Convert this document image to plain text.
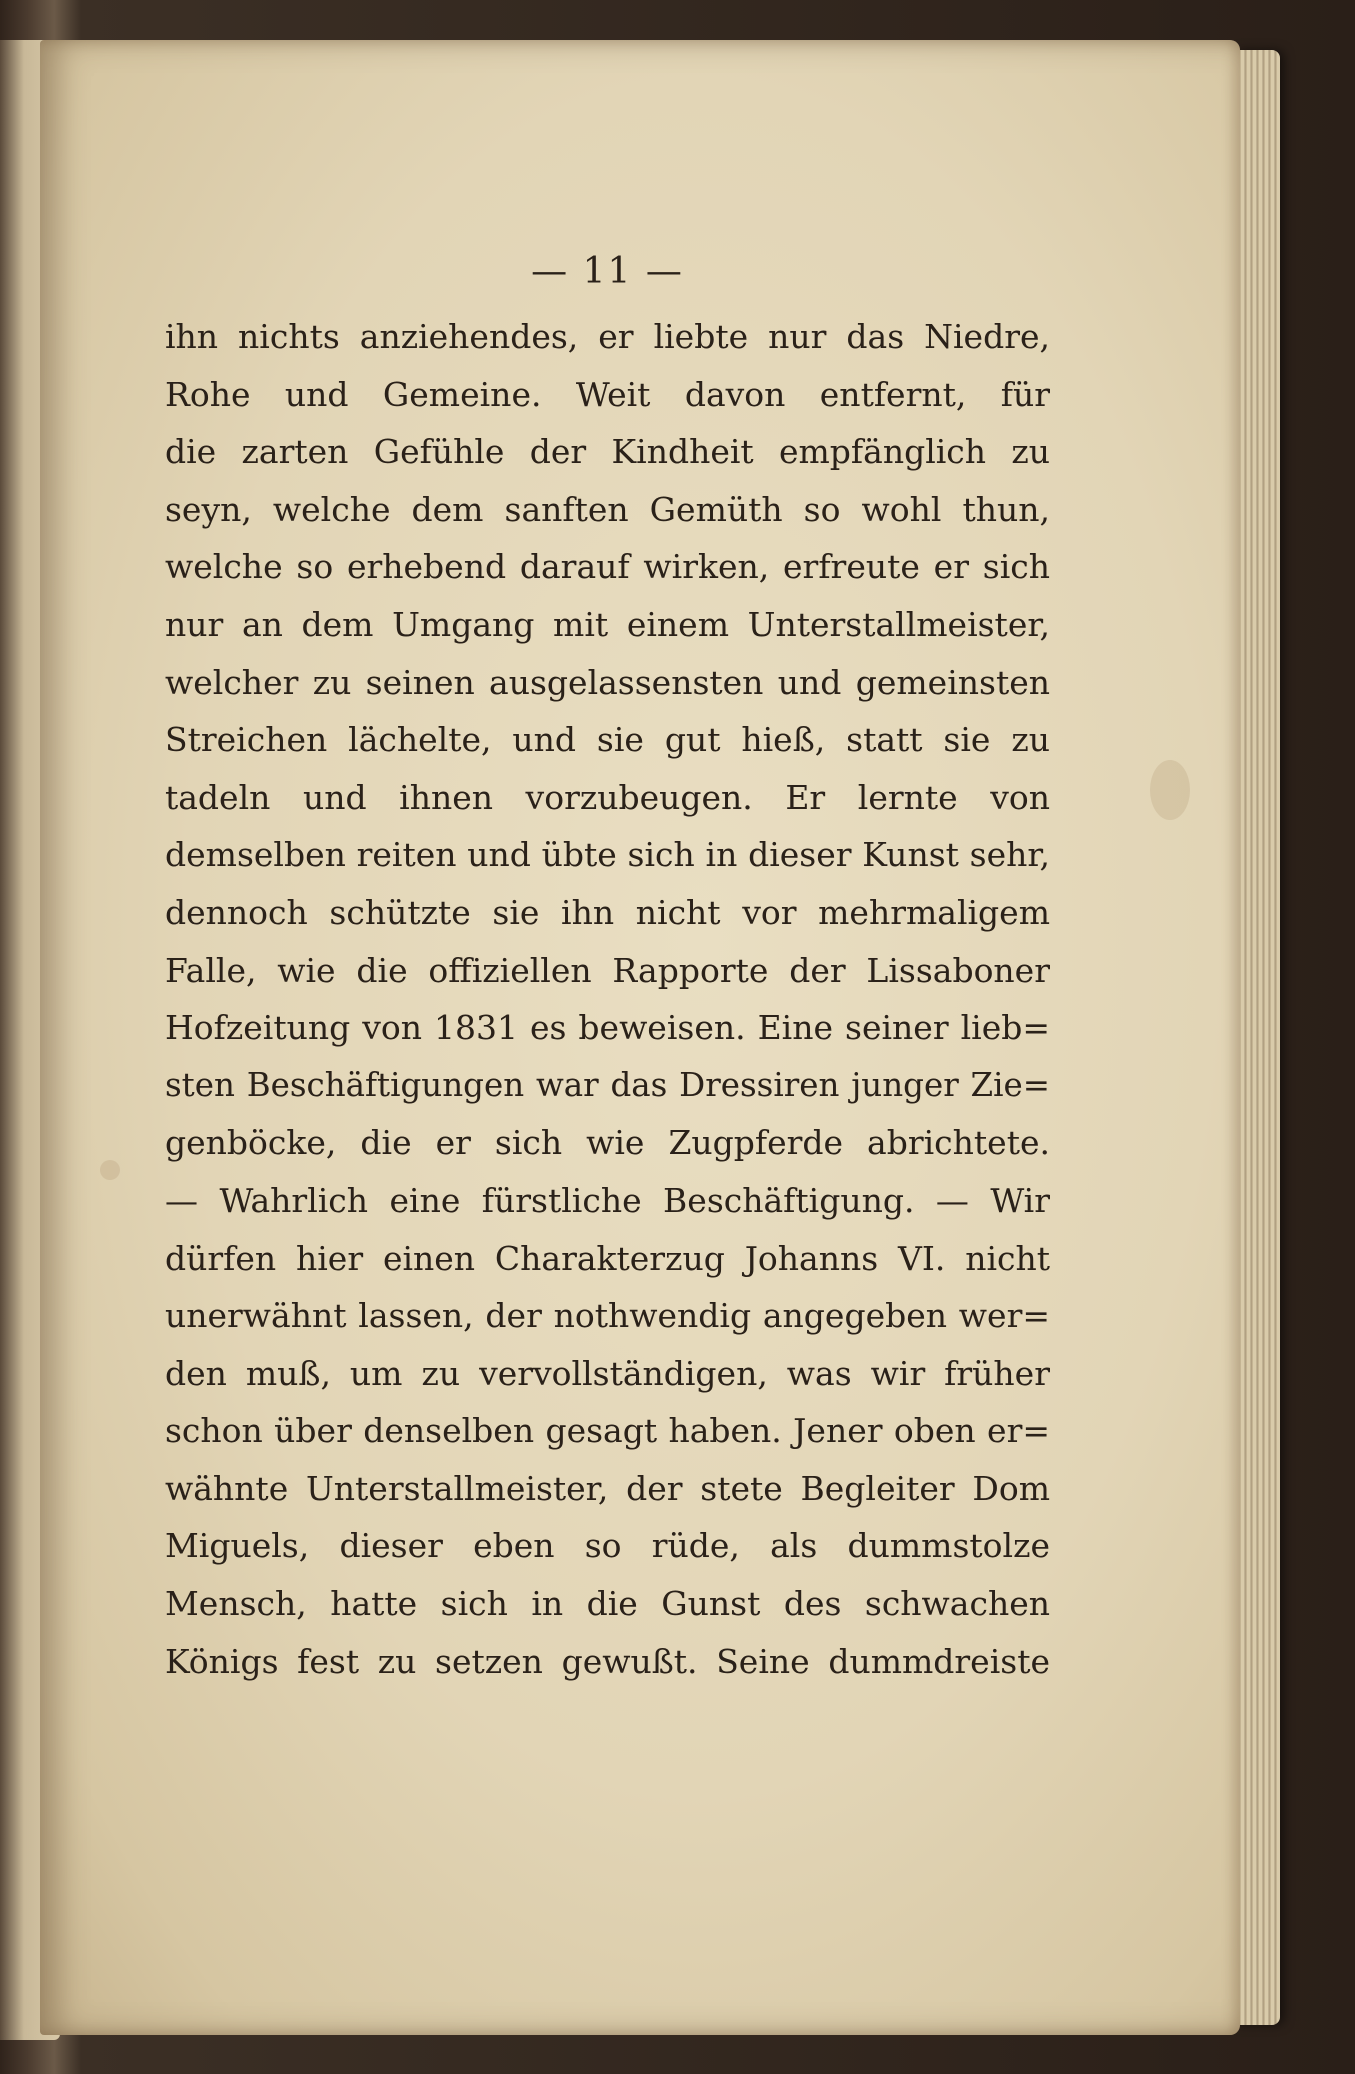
— 11 —
ihn nichts anziehendes, er liebte nur das Niedre,
Rohe und Gemeine. Weit davon entfernt, für
die zarten Gefühle der Kindheit empfänglich zu
seyn, welche dem sanften Gemüth so wohl thun,
welche so erhebend darauf wirken, erfreute er sich
nur an dem Umgang mit einem Unterstallmeister,
welcher zu seinen ausgelassensten und gemeinsten
Streichen lächelte, und sie gut hieß, statt sie zu
tadeln und ihnen vorzubeugen. Er lernte von
demselben reiten und übte sich in dieser Kunst sehr,
dennoch schützte sie ihn nicht vor mehrmaligem
Falle, wie die offiziellen Rapporte der Lissaboner
Hofzeitung von 1831 es beweisen. Eine seiner lieb=
sten Beschäftigungen war das Dressiren junger Zie=
genböcke, die er sich wie Zugpferde abrichtete.
— Wahrlich eine fürstliche Beschäftigung. — Wir
dürfen hier einen Charakterzug Johanns VI. nicht
unerwähnt lassen, der nothwendig angegeben wer=
den muß, um zu vervollständigen, was wir früher
schon über denselben gesagt haben. Jener oben er=
wähnte Unterstallmeister, der stete Begleiter Dom
Miguels, dieser eben so rüde, als dummstolze
Mensch, hatte sich in die Gunst des schwachen
Königs fest zu setzen gewußt. Seine dummdreiste
